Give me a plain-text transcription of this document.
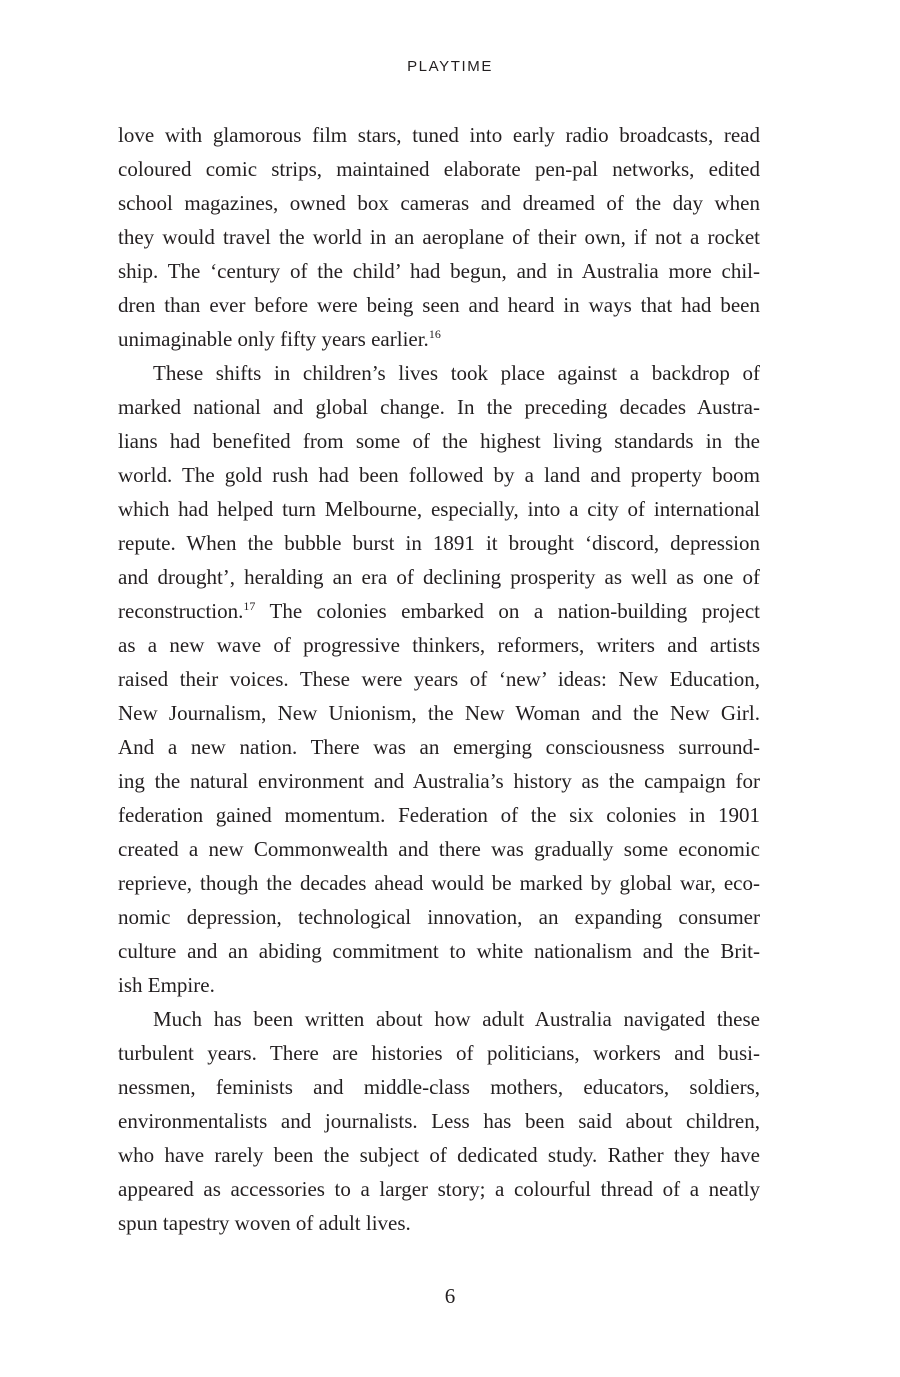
PLAYTIME
love with glamorous film stars, tuned into early radio broadcasts, read
coloured comic strips, maintained elaborate pen-pal networks, edited
school magazines, owned box cameras and dreamed of the day when
they would travel the world in an aeroplane of their own, if not a rocket
ship. The ‘century of the child’ had begun, and in Australia more chil-
dren than ever before were being seen and heard in ways that had been
unimaginable only fifty years earlier.$^{16}$
These shifts in children’s lives took place against a backdrop of
marked national and global change. In the preceding decades Austra-
lians had benefited from some of the highest living standards in the
world. The gold rush had been followed by a land and property boom
which had helped turn Melbourne, especially, into a city of international
repute. When the bubble burst in 1891 it brought ‘discord, depression
and drought’, heralding an era of declining prosperity as well as one of
reconstruction.$^{17}$ The colonies embarked on a nation-building project
as a new wave of progressive thinkers, reformers, writers and artists
raised their voices. These were years of ‘new’ ideas: New Education,
New Journalism, New Unionism, the New Woman and the New Girl.
And a new nation. There was an emerging consciousness surround-
ing the natural environment and Australia’s history as the campaign for
federation gained momentum. Federation of the six colonies in 1901
created a new Commonwealth and there was gradually some economic
reprieve, though the decades ahead would be marked by global war, eco-
nomic depression, technological innovation, an expanding consumer
culture and an abiding commitment to white nationalism and the Brit-
ish Empire.
Much has been written about how adult Australia navigated these
turbulent years. There are histories of politicians, workers and busi-
nessmen, feminists and middle-class mothers, educators, soldiers,
environmentalists and journalists. Less has been said about children,
who have rarely been the subject of dedicated study. Rather they have
appeared as accessories to a larger story; a colourful thread of a neatly
spun tapestry woven of adult lives.
6
